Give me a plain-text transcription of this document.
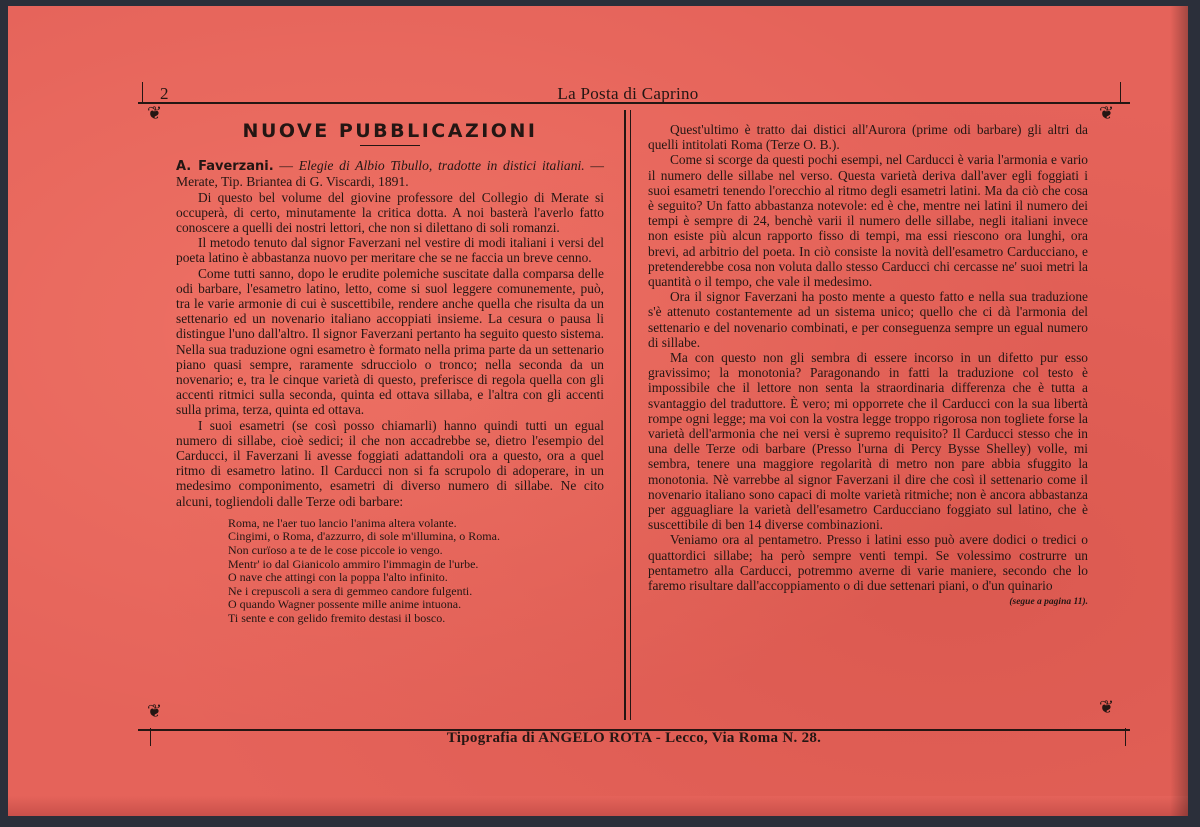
2	La Posta di Caprino
❦	❦
❦	❦
NUOVE PUBBLICAZIONI

A. Faverzani. — Elegie di Albio Tibullo, tradotte in distici italiani. — Merate, Tip. Briantea di G. Viscardi, 1891.

Di questo bel volume del giovine professore del Collegio di Merate si occuperà, di certo, minutamente la critica dotta. A noi basterà l'averlo fatto conoscere a quelli dei nostri lettori, che non si dilettano di soli romanzi.

Il metodo tenuto dal signor Faverzani nel vestire di modi italiani i versi del poeta latino è abbastanza nuovo per meritare che se ne faccia un breve cenno.

Come tutti sanno, dopo le erudite polemiche suscitate dalla comparsa delle odi barbare, l'esametro latino, letto, come si suol leggere comunemente, può, tra le varie armonie di cui è suscettibile, rendere anche quella che risulta da un settenario ed un novenario italiano accoppiati insieme. La cesura o pausa li distingue l'uno dall'altro. Il signor Faverzani pertanto ha seguito questo sistema. Nella sua traduzione ogni esametro è formato nella prima parte da un settenario piano quasi sempre, raramente sdrucciolo o tronco; nella seconda da un novenario; e, tra le cinque varietà di questo, preferisce di regola quella con gli accenti ritmici sulla seconda, quinta ed ottava sillaba, e l'altra con gli accenti sulla prima, terza, quinta ed ottava.

I suoi esametri (se così posso chiamarli) hanno quindi tutti un egual numero di sillabe, cioè sedici; il che non accadrebbe se, dietro l'esempio del Carducci, il Faverzani li avesse foggiati adattandoli ora a questo, ora a quel ritmo di esametro latino. Il Carducci non si fa scrupolo di adoperare, in un medesimo componimento, esametri di diverso numero di sillabe. Ne cito alcuni, togliendoli dalle Terze odi barbare:

Roma, ne l'aer tuo lancio l'anima altera volante.
Cingimi, o Roma, d'azzurro, di sole m'illumina, o Roma.
Non curïoso a te de le cose piccole io vengo.
Mentr' io dal Gianicolo ammiro l'immagin de l'urbe.
O nave che attingi con la poppa l'alto infinito.
Ne i crepuscoli a sera di gemmeo candore fulgenti.
O quando Wagner possente mille anime intuona.
Ti sente e con gelido fremito destasi il bosco.

Quest'ultimo è tratto dai distici all'Aurora (prime odi barbare) gli altri da quelli intitolati Roma (Terze O. B.).

Come si scorge da questi pochi esempi, nel Carducci è varia l'armonia e vario il numero delle sillabe nel verso. Questa varietà deriva dall'aver egli foggiati i suoi esametri tenendo l'orecchio al ritmo degli esametri latini. Ma da ciò che cosa è seguito? Un fatto abbastanza notevole: ed è che, mentre nei latini il numero dei tempi è sempre di 24, benchè varii il numero delle sillabe, negli italiani invece non esiste più alcun rapporto fisso di tempi, ma essi riescono ora lunghi, ora brevi, ad arbitrio del poeta. In ciò consiste la novità dell'esametro Carducciano, e pretenderebbe cosa non voluta dallo stesso Carducci chi cercasse ne' suoi metri la quantità o il tempo, che vale il medesimo.

Ora il signor Faverzani ha posto mente a questo fatto e nella sua traduzione s'è attenuto costantemente ad un sistema unico; quello che ci dà l'armonia del settenario e del novenario combinati, e per conseguenza sempre un egual numero di sillabe.

Ma con questo non gli sembra di essere incorso in un difetto pur esso gravissimo; la monotonia? Paragonando in fatti la traduzione col testo è impossibile che il lettore non senta la straordinaria differenza che è tutta a svantaggio del traduttore. È vero; mi opporrete che il Carducci con la sua libertà rompe ogni legge; ma voi con la vostra legge troppo rigorosa non togliete forse la varietà dell'armonia che nei versi è supremo requisito? Il Carducci stesso che in una delle Terze odi barbare (Presso l'urna di Percy Bysse Shelley) volle, mi sembra, tenere una maggiore regolarità di metro non pare abbia sfuggito la monotonia. Nè varrebbe al signor Faverzani il dire che così il settenario come il novenario italiano sono capaci di molte varietà ritmiche; non è ancora abbastanza per agguagliare la varietà dell'esametro Carducciano foggiato sul latino, che è suscettibile di ben 14 diverse combinazioni.

Veniamo ora al pentametro. Presso i latini esso può avere dodici o tredici o quattordici sillabe; ha però sempre venti tempi. Se volessimo costrurre un pentametro alla Carducci, potremmo averne di varie maniere, secondo che lo faremo risultare dall'accoppiamento o di due settenari piani, o d'un quinario

(segue a pagina 11).
Tipografia di ANGELO ROTA - Lecco, Via Roma N. 28.
